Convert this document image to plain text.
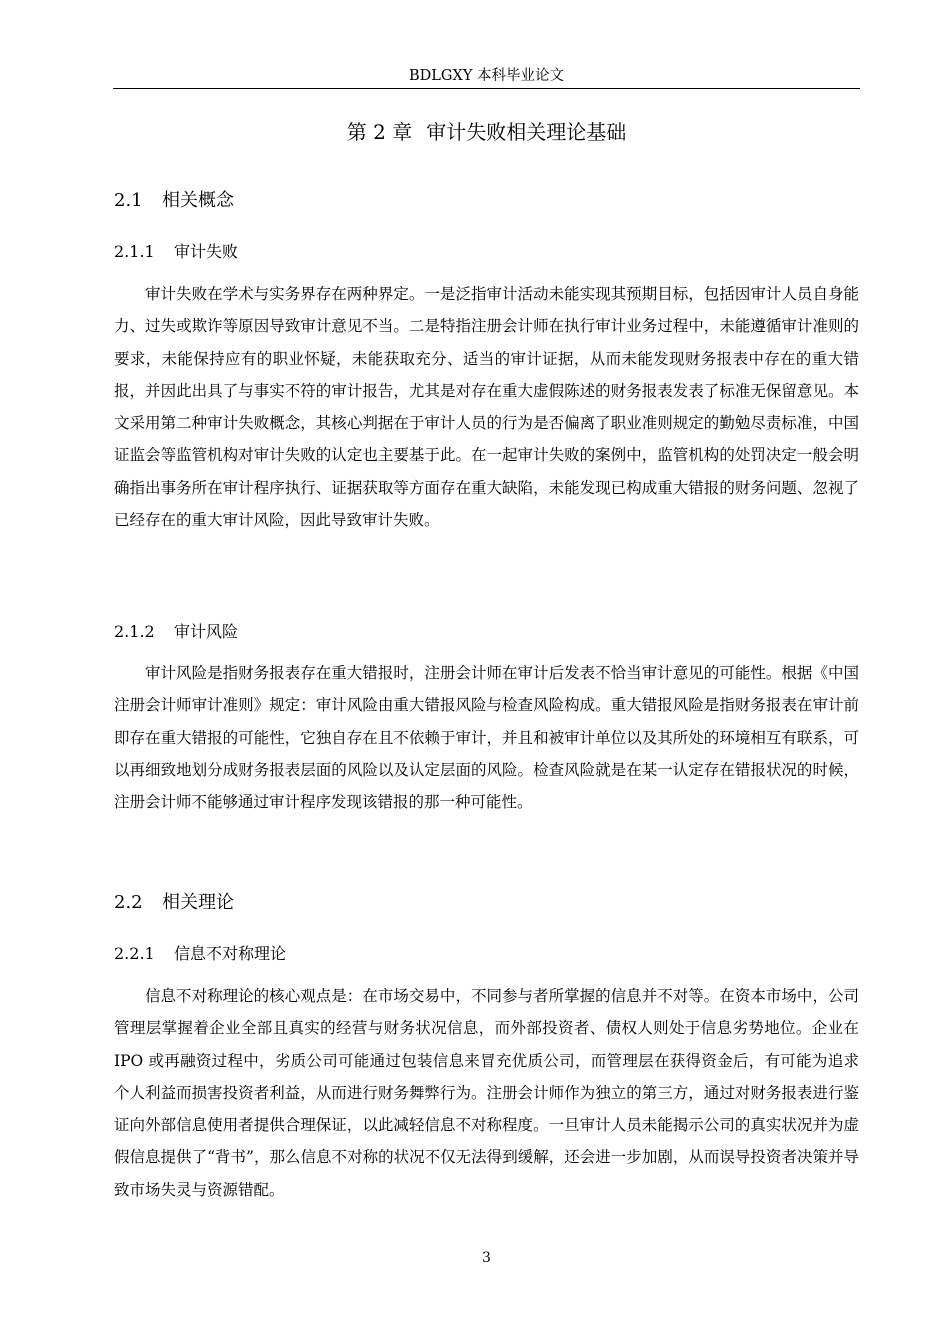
BDLGXY 本科毕业论文
第 2 章 审计失败相关理论基础
2.1 相关概念
2.1.1 审计失败

审计失败在学术与实务界存在两种界定。一是泛指审计活动未能实现其预期目标，包括因审计人员自身能力、过失或欺诈等原因导致审计意见不当。二是特指注册会计师在执行审计业务过程中，未能遵循审计准则的要求，未能保持应有的职业怀疑，未能获取充分、适当的审计证据，从而未能发现财务报表中存在的重大错报，并因此出具了与事实不符的审计报告，尤其是对存在重大虚假陈述的财务报表发表了标准无保留意见。本文采用第二种审计失败概念，其核心判据在于审计人员的行为是否偏离了职业准则规定的勤勉尽责标准，中国证监会等监管机构对审计失败的认定也主要基于此。在一起审计失败的案例中，监管机构的处罚决定一般会明确指出事务所在审计程序执行、证据获取等方面存在重大缺陷，未能发现已构成重大错报的财务问题、忽视了已经存在的重大审计风险，因此导致审计失败。

2.1.2 审计风险

审计风险是指财务报表存在重大错报时，注册会计师在审计后发表不恰当审计意见的可能性。根据《中国注册会计师审计准则》规定：审计风险由重大错报风险与检查风险构成。重大错报风险是指财务报表在审计前即存在重大错报的可能性，它独自存在且不依赖于审计，并且和被审计单位以及其所处的环境相互有联系，可以再细致地划分成财务报表层面的风险以及认定层面的风险。检查风险就是在某一认定存在错报状况的时候，注册会计师不能够通过审计程序发现该错报的那一种可能性。

2.2 相关理论
2.2.1 信息不对称理论

信息不对称理论的核心观点是：在市场交易中，不同参与者所掌握的信息并不对等。在资本市场中，公司管理层掌握着企业全部且真实的经营与财务状况信息，而外部投资者、债权人则处于信息劣势地位。企业在 IPO 或再融资过程中，劣质公司可能通过包装信息来冒充优质公司，而管理层在获得资金后，有可能为追求个人利益而损害投资者利益，从而进行财务舞弊行为。注册会计师作为独立的第三方，通过对财务报表进行鉴证向外部信息使用者提供合理保证，以此减轻信息不对称程度。一旦审计人员未能揭示公司的真实状况并为虚假信息提供了“背书”，那么信息不对称的状况不仅无法得到缓解，还会进一步加剧，从而误导投资者决策并导致市场失灵与资源错配。

3
